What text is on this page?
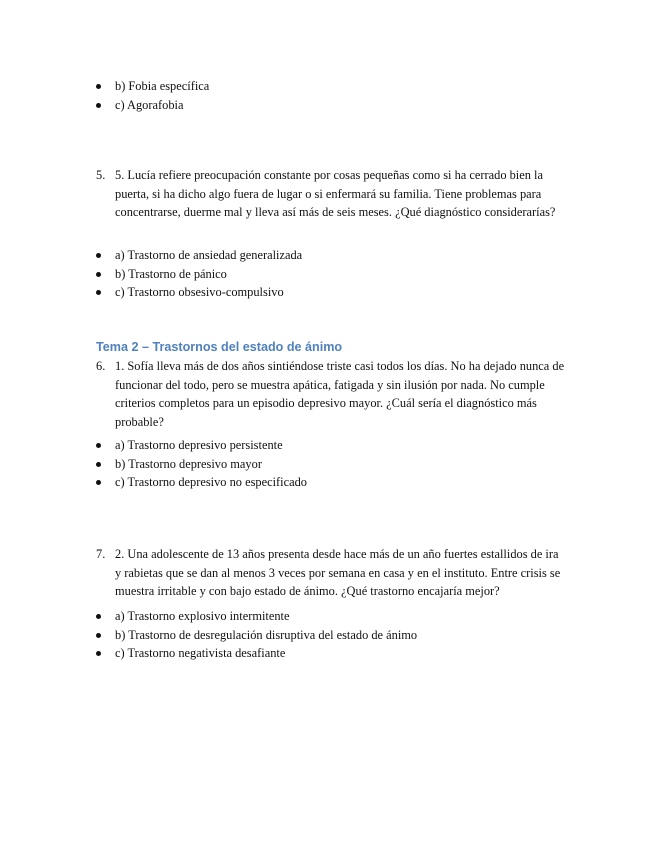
b) Fobia específica
c) Agorafobia
5. 5. Lucía refiere preocupación constante por cosas pequeñas como si ha cerrado bien la puerta, si ha dicho algo fuera de lugar o si enfermará su familia. Tiene problemas para concentrarse, duerme mal y lleva así más de seis meses. ¿Qué diagnóstico considerarías?
a) Trastorno de ansiedad generalizada
b) Trastorno de pánico
c) Trastorno obsesivo-compulsivo
Tema 2 – Trastornos del estado de ánimo
6. 1. Sofía lleva más de dos años sintiéndose triste casi todos los días. No ha dejado nunca de funcionar del todo, pero se muestra apática, fatigada y sin ilusión por nada. No cumple criterios completos para un episodio depresivo mayor. ¿Cuál sería el diagnóstico más probable?
a) Trastorno depresivo persistente
b) Trastorno depresivo mayor
c) Trastorno depresivo no especificado
7. 2. Una adolescente de 13 años presenta desde hace más de un año fuertes estallidos de ira y rabietas que se dan al menos 3 veces por semana en casa y en el instituto. Entre crisis se muestra irritable y con bajo estado de ánimo. ¿Qué trastorno encajaría mejor?
a) Trastorno explosivo intermitente
b) Trastorno de desregulación disruptiva del estado de ánimo
c) Trastorno negativista desafiante
